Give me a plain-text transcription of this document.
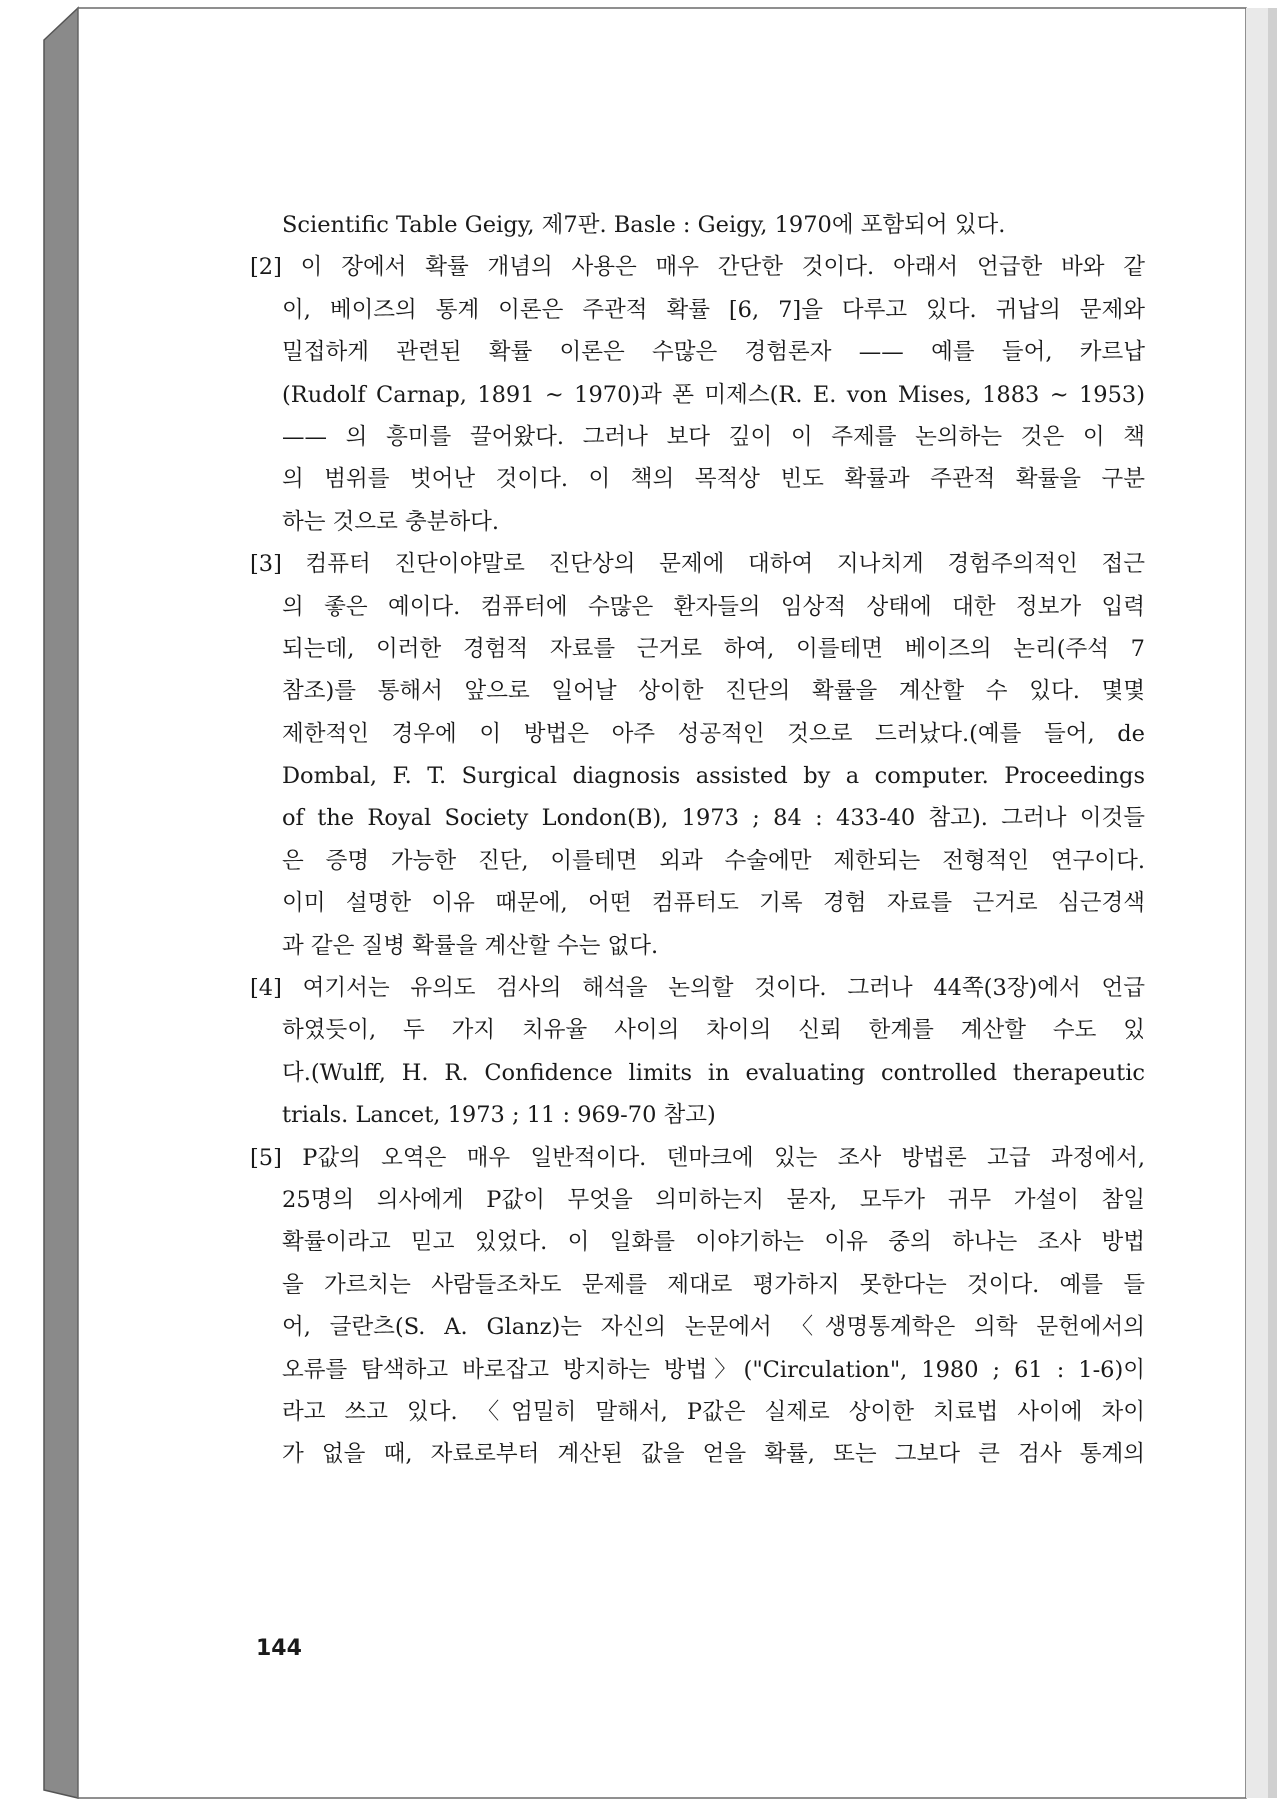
Scientific Table Geigy, 제7판. Basle : Geigy, 1970에 포함되어 있다.
[2] 이 장에서 확률 개념의 사용은 매우 간단한 것이다. 아래서 언급한 바와 같
이, 베이즈의 통계 이론은 주관적 확률 [6, 7]을 다루고 있다. 귀납의 문제와
밀접하게 관련된 확률 이론은 수많은 경험론자 —— 예를 들어, 카르납
(Rudolf Carnap, 1891 ~ 1970)과 폰 미제스(R. E. von Mises, 1883 ~ 1953)
—— 의 흥미를 끌어왔다. 그러나 보다 깊이 이 주제를 논의하는 것은 이 책
의 범위를 벗어난 것이다. 이 책의 목적상 빈도 확률과 주관적 확률을 구분
하는 것으로 충분하다.
[3] 컴퓨터 진단이야말로 진단상의 문제에 대하여 지나치게 경험주의적인 접근
의 좋은 예이다. 컴퓨터에 수많은 환자들의 임상적 상태에 대한 정보가 입력
되는데, 이러한 경험적 자료를 근거로 하여, 이를테면 베이즈의 논리(주석 7
참조)를 통해서 앞으로 일어날 상이한 진단의 확률을 계산할 수 있다. 몇몇
제한적인 경우에 이 방법은 아주 성공적인 것으로 드러났다.(예를 들어, de
Dombal, F. T. Surgical diagnosis assisted by a computer. Proceedings
of the Royal Society London(B), 1973 ; 84 : 433-40 참고). 그러나 이것들
은 증명 가능한 진단, 이를테면 외과 수술에만 제한되는 전형적인 연구이다.
이미 설명한 이유 때문에, 어떤 컴퓨터도 기록 경험 자료를 근거로 심근경색
과 같은 질병 확률을 계산할 수는 없다.
[4] 여기서는 유의도 검사의 해석을 논의할 것이다. 그러나 44쪽(3장)에서 언급
하였듯이, 두 가지 치유율 사이의 차이의 신뢰 한계를 계산할 수도 있
다.(Wulff, H. R. Confidence limits in evaluating controlled therapeutic
trials. Lancet, 1973 ; 11 : 969-70 참고)
[5] P값의 오역은 매우 일반적이다. 덴마크에 있는 조사 방법론 고급 과정에서,
25명의 의사에게 P값이 무엇을 의미하는지 묻자, 모두가 귀무 가설이 참일
확률이라고 믿고 있었다. 이 일화를 이야기하는 이유 중의 하나는 조사 방법
을 가르치는 사람들조차도 문제를 제대로 평가하지 못한다는 것이다. 예를 들
어, 글란츠(S. A. Glanz)는 자신의 논문에서 〈생명통계학은 의학 문헌에서의
오류를 탐색하고 바로잡고 방지하는 방법〉("Circulation", 1980 ; 61 : 1-6)이
라고 쓰고 있다. 〈엄밀히 말해서, P값은 실제로 상이한 치료법 사이에 차이
가 없을 때, 자료로부터 계산된 값을 얻을 확률, 또는 그보다 큰 검사 통계의
144
